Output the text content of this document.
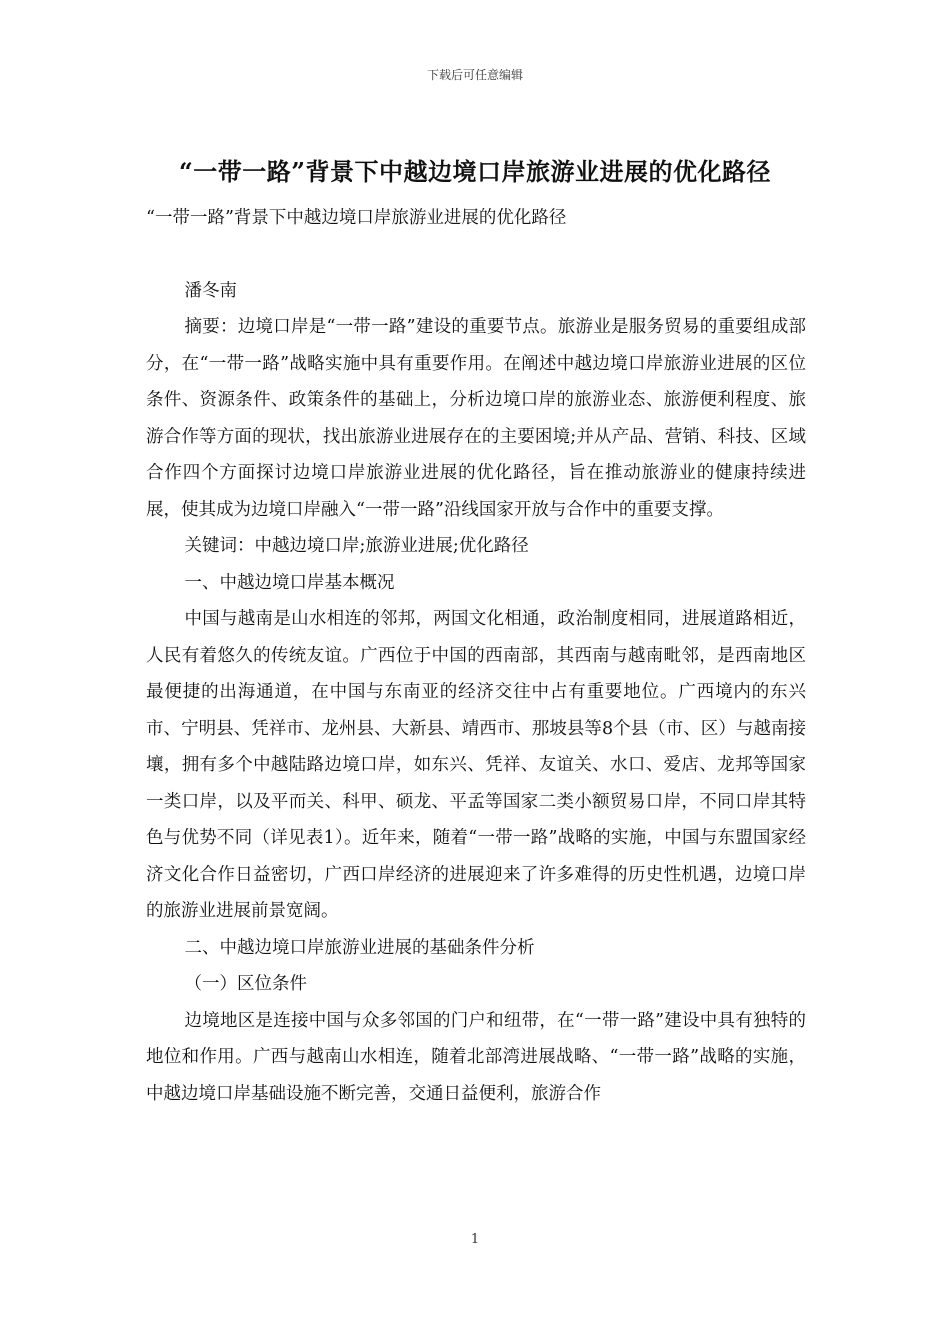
下载后可任意编辑
“一带一路”背景下中越边境口岸旅游业进展的优化路径

“一带一路”背景下中越边境口岸旅游业进展的优化路径

潘冬南

摘要：边境口岸是“一带一路”建设的重要节点。旅游业是服务贸易的重要组成部分，在“一带一路”战略实施中具有重要作用。在阐述中越边境口岸旅游业进展的区位条件、资源条件、政策条件的基础上，分析边境口岸的旅游业态、旅游便利程度、旅游合作等方面的现状，找出旅游业进展存在的主要困境;并从产品、营销、科技、区域合作四个方面探讨边境口岸旅游业进展的优化路径，旨在推动旅游业的健康持续进展，使其成为边境口岸融入“一带一路”沿线国家开放与合作中的重要支撑。

关键词：中越边境口岸;旅游业进展;优化路径

一、中越边境口岸基本概况

中国与越南是山水相连的邻邦，两国文化相通，政治制度相同，进展道路相近，人民有着悠久的传统友谊。广西位于中国的西南部，其西南与越南毗邻，是西南地区最便捷的出海通道，在中国与东南亚的经济交往中占有重要地位。广西境内的东兴市、宁明县、凭祥市、龙州县、大新县、靖西市、那坡县等8个县（市、区）与越南接壤，拥有多个中越陆路边境口岸，如东兴、凭祥、友谊关、水口、爱店、龙邦等国家一类口岸，以及平而关、科甲、硕龙、平孟等国家二类小额贸易口岸，不同口岸其特色与优势不同（详见表1）。近年来，随着“一带一路”战略的实施，中国与东盟国家经济文化合作日益密切，广西口岸经济的进展迎来了许多难得的历史性机遇，边境口岸的旅游业进展前景宽阔。

二、中越边境口岸旅游业进展的基础条件分析

（一）区位条件

边境地区是连接中国与众多邻国的门户和纽带，在“一带一路”建设中具有独特的地位和作用。广西与越南山水相连，随着北部湾进展战略、“一带一路”战略的实施，中越边境口岸基础设施不断完善，交通日益便利，旅游合作

1
